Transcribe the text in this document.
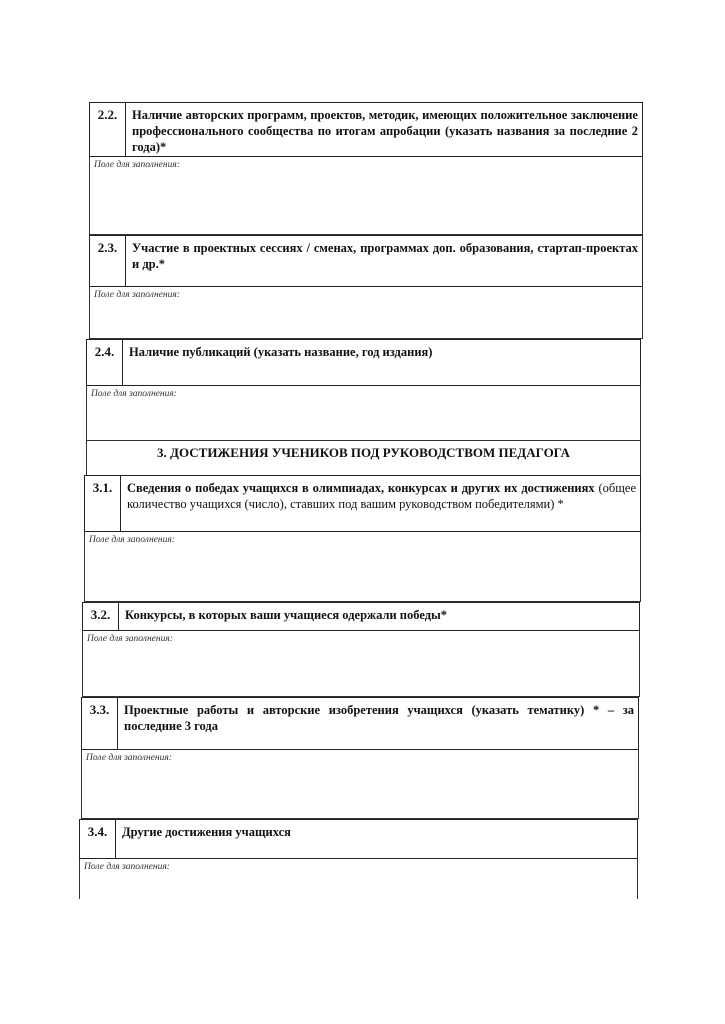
2.2.	Наличие авторских программ, проектов, методик, имеющих положительное заключение профессионального сообщества по итогам апробации (указать названия за последние 2 года)*
Поле для заполнения:
2.3.	Участие в проектных сессиях / сменах, программах доп. образования, стартап-проектах и др.*
Поле для заполнения:
2.4.	Наличие публикаций (указать название, год издания)
Поле для заполнения:
3. ДОСТИЖЕНИЯ УЧЕНИКОВ ПОД РУКОВОДСТВОМ ПЕДАГОГА
3.1.	Сведения о победах учащихся в олимпиадах, конкурсах и других их достижениях (общее количество учащихся (число), ставших под вашим руководством победителями) *
Поле для заполнения:
3.2.	Конкурсы, в которых ваши учащиеся одержали победы*
Поле для заполнения:
3.3.	Проектные работы и авторские изобретения учащихся (указать тематику) * – за последние 3 года
Поле для заполнения:
3.4.	Другие достижения учащихся
Поле для заполнения:
